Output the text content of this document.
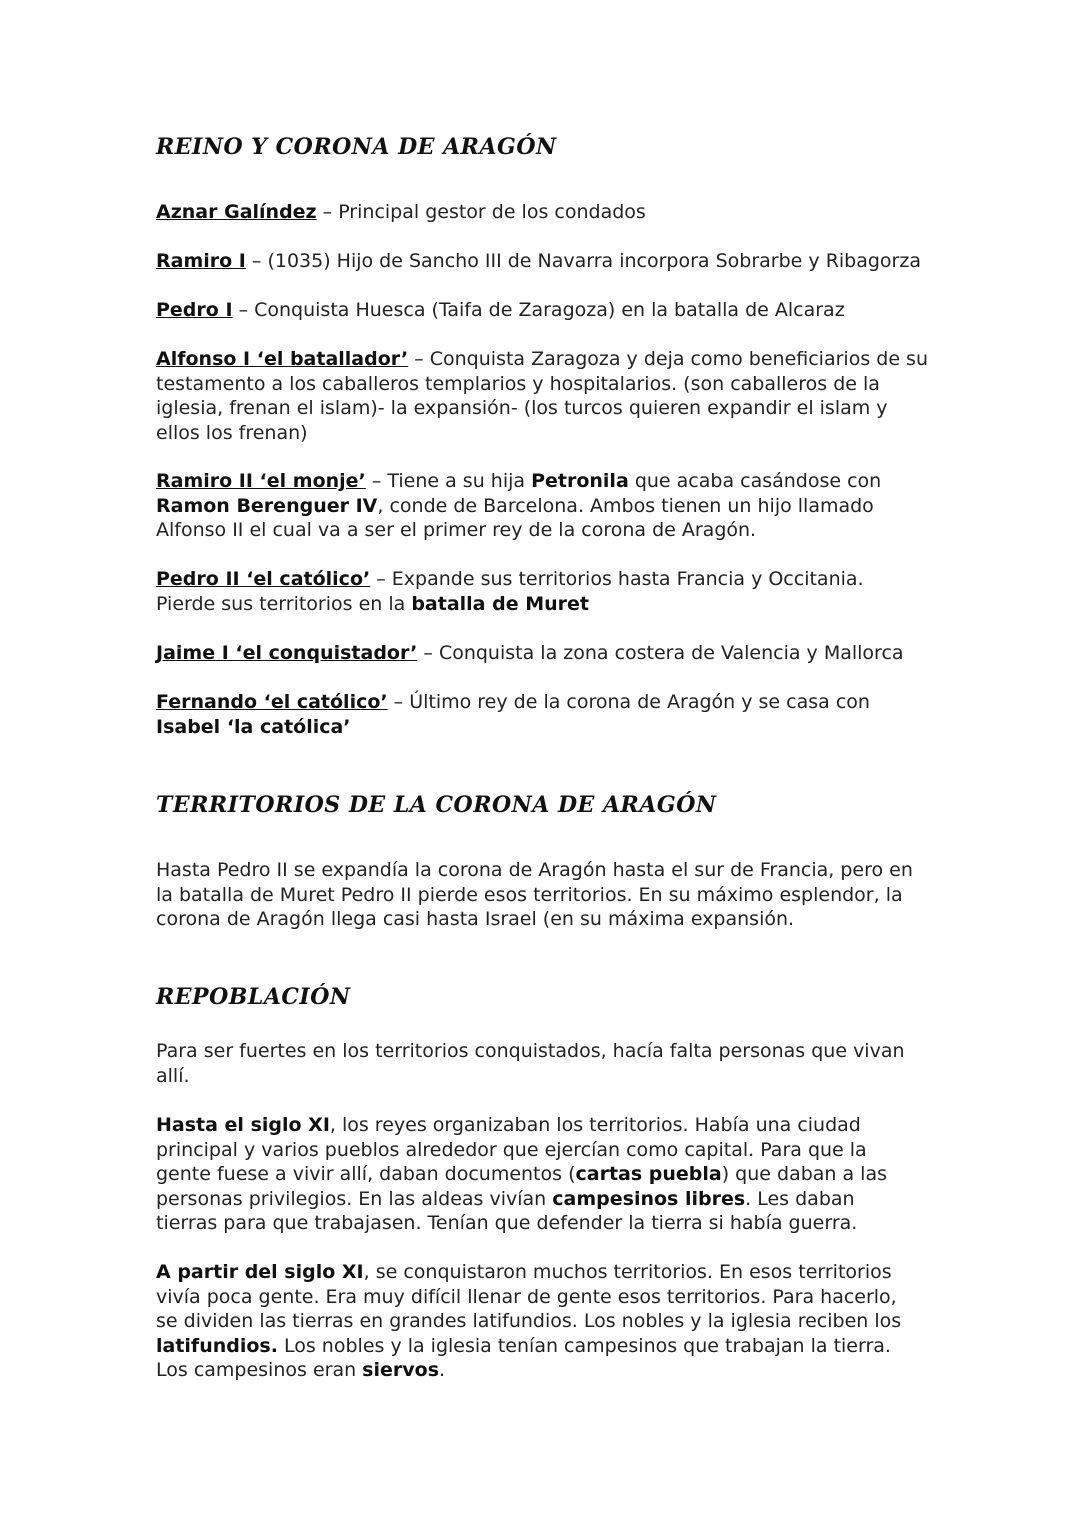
REINO Y CORONA DE ARAGÓN

Aznar Galíndez – Principal gestor de los condados

Ramiro I – (1035) Hijo de Sancho III de Navarra incorpora Sobrarbe y Ribagorza

Pedro I – Conquista Huesca (Taifa de Zaragoza) en la batalla de Alcaraz

Alfonso I ‘el batallador’ – Conquista Zaragoza y deja como beneficiarios de su testamento a los caballeros templarios y hospitalarios. (son caballeros de la iglesia, frenan el islam)- la expansión- (los turcos quieren expandir el islam y ellos los frenan)

Ramiro II ‘el monje’ – Tiene a su hija Petronila que acaba casándose con Ramon Berenguer IV, conde de Barcelona. Ambos tienen un hijo llamado Alfonso II el cual va a ser el primer rey de la corona de Aragón.

Pedro II ‘el católico’ – Expande sus territorios hasta Francia y Occitania. Pierde sus territorios en la batalla de Muret

Jaime I ‘el conquistador’ – Conquista la zona costera de Valencia y Mallorca

Fernando ‘el católico’ – Último rey de la corona de Aragón y se casa con Isabel ‘la católica’

TERRITORIOS DE LA CORONA DE ARAGÓN

Hasta Pedro II se expandía la corona de Aragón hasta el sur de Francia, pero en la batalla de Muret Pedro II pierde esos territorios. En su máximo esplendor, la corona de Aragón llega casi hasta Israel (en su máxima expansión.

REPOBLACIÓN

Para ser fuertes en los territorios conquistados, hacía falta personas que vivan allí.

Hasta el siglo XI, los reyes organizaban los territorios. Había una ciudad principal y varios pueblos alrededor que ejercían como capital. Para que la gente fuese a vivir allí, daban documentos (cartas puebla) que daban a las personas privilegios. En las aldeas vivían campesinos libres. Les daban tierras para que trabajasen. Tenían que defender la tierra si había guerra.

A partir del siglo XI, se conquistaron muchos territorios. En esos territorios vivía poca gente. Era muy difícil llenar de gente esos territorios. Para hacerlo, se dividen las tierras en grandes latifundios. Los nobles y la iglesia reciben los latifundios. Los nobles y la iglesia tenían campesinos que trabajan la tierra. Los campesinos eran siervos.
